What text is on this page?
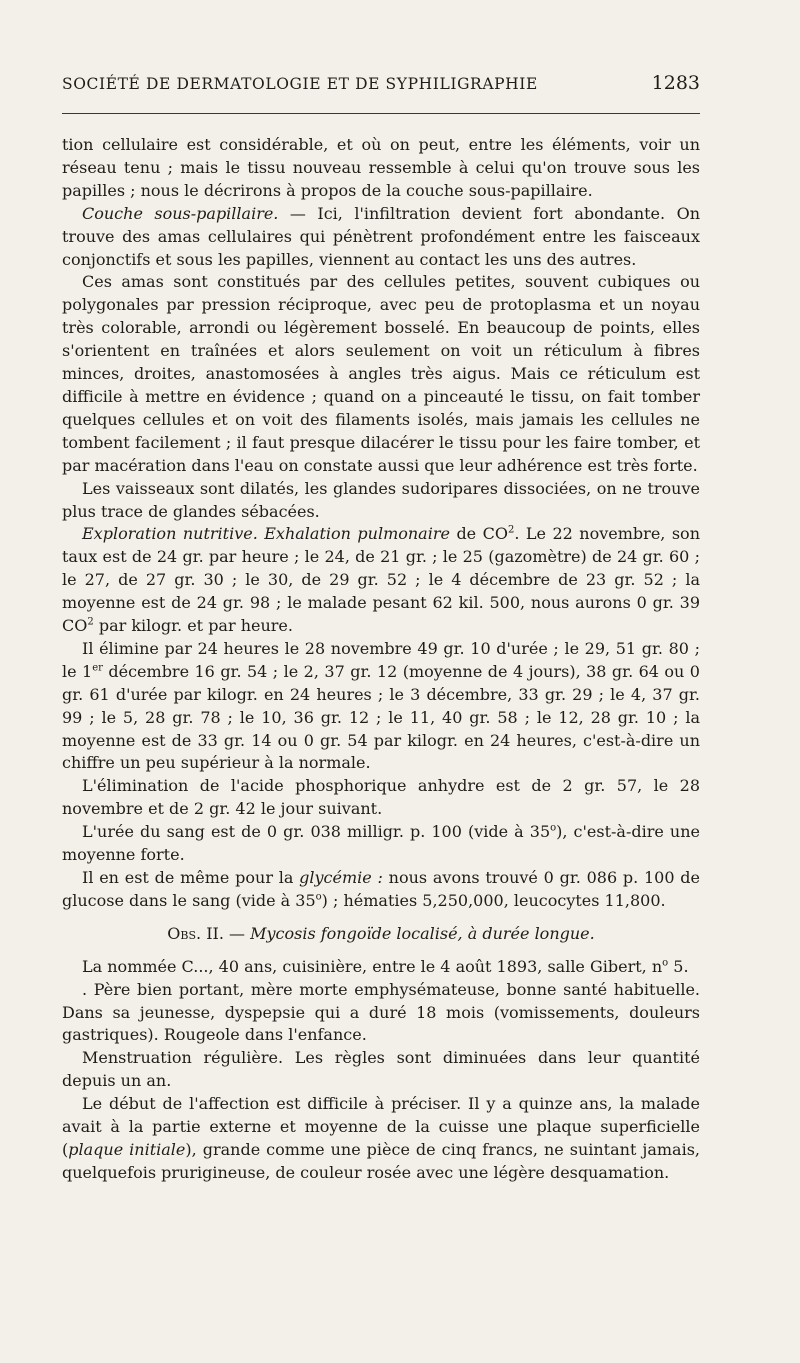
SOCIÉTÉ DE DERMATOLOGIE ET DE SYPHILIGRAPHIE	1283

tion cellulaire est considérable, et où on peut, entre les éléments, voir un réseau tenu ; mais le tissu nouveau ressemble à celui qu'on trouve sous les papilles ; nous le décrirons à propos de la couche sous-papillaire.

Couche sous-papillaire. — Ici, l'infiltration devient fort abondante. On trouve des amas cellulaires qui pénètrent profondément entre les faisceaux conjonctifs et sous les papilles, viennent au contact les uns des autres.

Ces amas sont constitués par des cellules petites, souvent cubiques ou polygonales par pression réciproque, avec peu de protoplasma et un noyau très colorable, arrondi ou légèrement bosselé. En beaucoup de points, elles s'orientent en traînées et alors seulement on voit un réticulum à fibres minces, droites, anastomosées à angles très aigus. Mais ce réticulum est difficile à mettre en évidence ; quand on a pinceauté le tissu, on fait tomber quelques cellules et on voit des filaments isolés, mais jamais les cellules ne tombent facilement ; il faut presque dilacérer le tissu pour les faire tomber, et par macération dans l'eau on constate aussi que leur adhérence est très forte.

Les vaisseaux sont dilatés, les glandes sudoripares dissociées, on ne trouve plus trace de glandes sébacées.

Exploration nutritive. Exhalation pulmonaire de $CO^2$. Le 22 novembre, son taux est de 24 gr. par heure ; le 24, de 21 gr. ; le 25 (gazomètre) de 24 gr. 60 ; le 27, de 27 gr. 30 ; le 30, de 29 gr. 52 ; le 4 décembre de 23 gr. 52 ; la moyenne est de 24 gr. 98 ; le malade pesant 62 kil. 500, nous aurons 0 gr. 39 $CO^2$ par kilogr. et par heure.

Il élimine par 24 heures le 28 novembre 49 gr. 10 d'urée ; le 29, 51 gr. 80 ; le 1er décembre 16 gr. 54 ; le 2, 37 gr. 12 (moyenne de 4 jours), 38 gr. 64 ou 0 gr. 61 d'urée par kilogr. en 24 heures ; le 3 décembre, 33 gr. 29 ; le 4, 37 gr. 99 ; le 5, 28 gr. 78 ; le 10, 36 gr. 12 ; le 11, 40 gr. 58 ; le 12, 28 gr. 10 ; la moyenne est de 33 gr. 14 ou 0 gr. 54 par kilogr. en 24 heures, c'est-à-dire un chiffre un peu supérieur à la normale.

L'élimination de l'acide phosphorique anhydre est de 2 gr. 57, le 28 novembre et de 2 gr. 42 le jour suivant.

L'urée du sang est de 0 gr. 038 milligr. p. 100 (vide à 35$^o$), c'est-à-dire une moyenne forte.

Il en est de même pour la glycémie : nous avons trouvé 0 gr. 086 p. 100 de glucose dans le sang (vide à 35$^o$) ; hématies 5,250,000, leucocytes 11,800.

Obs. II. — Mycosis fongoïde localisé, à durée longue.

La nommée C..., 40 ans, cuisinière, entre le 4 août 1893, salle Gibert, $n^o$ 5.

. Père bien portant, mère morte emphysémateuse, bonne santé habituelle. Dans sa jeunesse, dyspepsie qui a duré 18 mois (vomissements, douleurs gastriques). Rougeole dans l'enfance.

Menstruation régulière. Les règles sont diminuées dans leur quantité depuis un an.

Le début de l'affection est difficile à préciser. Il y a quinze ans, la malade avait à la partie externe et moyenne de la cuisse une plaque superficielle (plaque initiale), grande comme une pièce de cinq francs, ne suintant jamais, quelquefois prurigineuse, de couleur rosée avec une légère desquamation.
